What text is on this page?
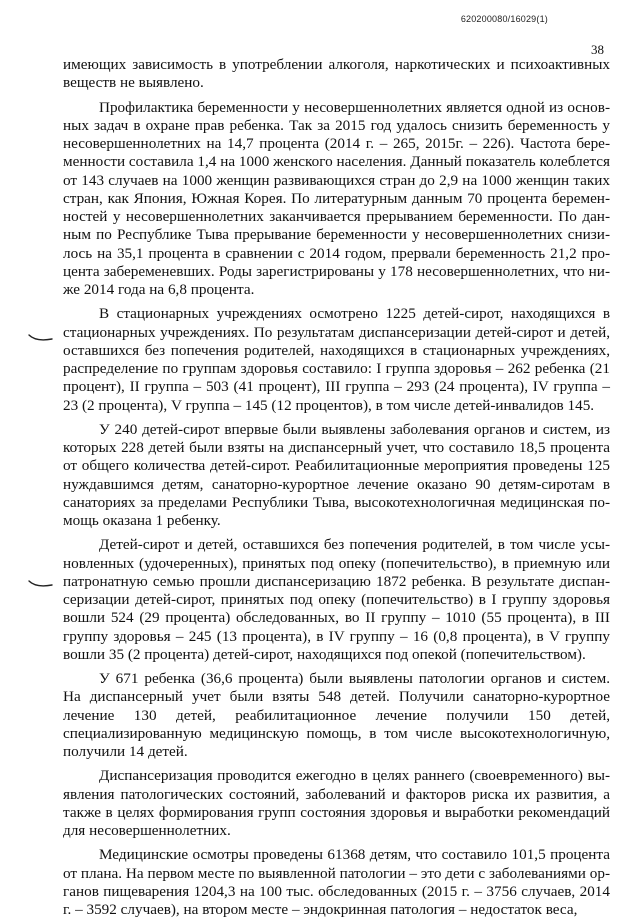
620200080/16029(1)
38

имеющих зависимость в употреблении алкоголя, наркотических и психоактивных веществ не выявлено.

Профилактика беременности у несовершеннолетних является одной из основных задач в охране прав ребенка. Так за 2015 год удалось снизить беременность у несовершеннолетних на 14,7 процента (2014 г. – 265, 2015г. – 226). Частота беременности составила 1,4 на 1000 женского населения. Данный показатель колеблется от 143 случаев на 1000 женщин развивающихся стран до 2,9 на 1000 женщин таких стран, как Япония, Южная Корея. По литературным данным 70 процента беременностей у несовершеннолетних заканчивается прерыванием беременности. По данным по Республике Тыва прерывание беременности у несовершеннолетних снизилось на 35,1 процента в сравнении с 2014 годом, прервали беременность 21,2 процента забеременевших. Роды зарегистрированы у 178 несовершеннолетних, что ниже 2014 года на 6,8 процента.

В стационарных учреждениях осмотрено 1225 детей-сирот, находящихся в стационарных учреждениях. По результатам диспансеризации детей-сирот и детей, оставшихся без попечения родителей, находящихся в стационарных учреждениях, распределение по группам здоровья составило: I группа здоровья – 262 ребенка (21 процент), II группа – 503 (41 процент), III группа – 293 (24 процента), IV группа – 23 (2 процента), V группа – 145 (12 процентов), в том числе детей-инвалидов 145.

У 240 детей-сирот впервые были выявлены заболевания органов и систем, из которых 228 детей были взяты на диспансерный учет, что составило 18,5 процента от общего количества детей-сирот. Реабилитационные мероприятия проведены 125 нуждавшимся детям, санаторно-курортное лечение оказано 90 детям-сиротам в санаториях за пределами Республики Тыва, высокотехнологичная медицинская помощь оказана 1 ребенку.

Детей-сирот и детей, оставшихся без попечения родителей, в том числе усыновленных (удочеренных), принятых под опеку (попечительство), в приемную или патронатную семью прошли диспансеризацию 1872 ребенка. В результате диспансеризации детей-сирот, принятых под опеку (попечительство) в I группу здоровья вошли 524 (29 процента) обследованных, во II группу – 1010 (55 процента), в III группу здоровья – 245 (13 процента), в IV группу – 16 (0,8 процента), в V группу вошли 35 (2 процента) детей-сирот, находящихся под опекой (попечительством).

У 671 ребенка (36,6 процента) были выявлены патологии органов и систем. На диспансерный учет были взяты 548 детей. Получили санаторно-курортное лечение 130 детей, реабилитационное лечение получили 150 детей, специализированную медицинскую помощь, в том числе высокотехнологичную, получили 14 детей.

Диспансеризация проводится ежегодно в целях раннего (своевременного) выявления патологических состояний, заболеваний и факторов риска их развития, а также в целях формирования групп состояния здоровья и выработки рекомендаций для несовершеннолетних.

Медицинские осмотры проведены 61368 детям, что составило 101,5 процента от плана. На первом месте по выявленной патологии – это дети с заболеваниями органов пищеварения 1204,3 на 100 тыс. обследованных (2015 г. – 3756 случаев, 2014 г. – 3592 случаев), на втором месте – эндокринная патология – недостаток веса,
